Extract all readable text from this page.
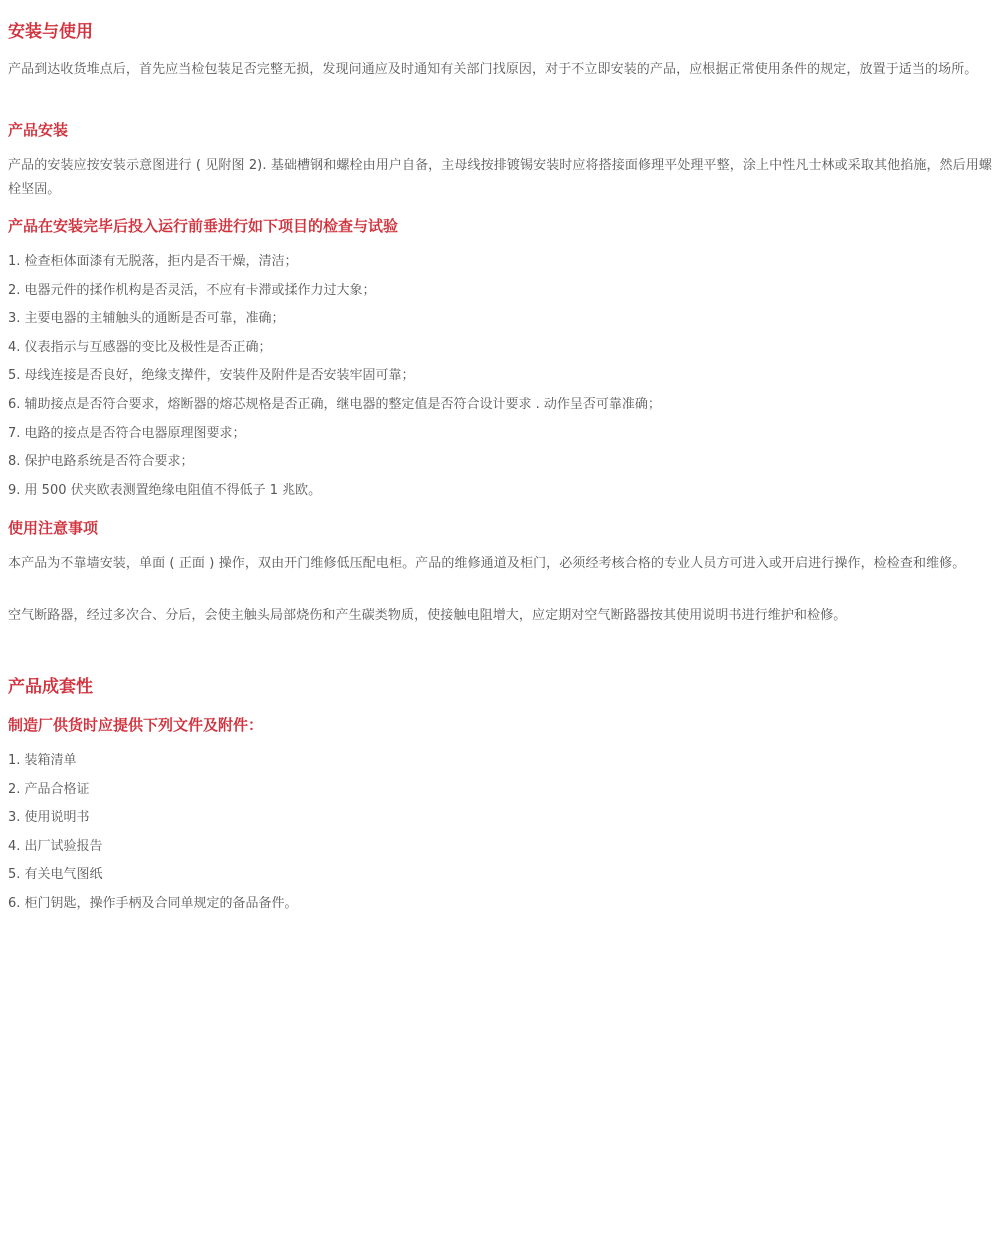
安装与使用

产品到达收货堆点后，首先应当检包装足否完整无损，发现问通应及时通知有关部门找原因，对于不立即安装的产品，应根据正常使用条件的规定，放置于适当的场所。

产品安装

产品的安装应按安装示意图进行 ( 见附图 2). 基础槽钢和螺栓由用户自备，主母线按排镀锡安装时应将搭接面修理平处理平整，涂上中性凡士林或采取其他掐施，然后用螺栓坚固。

产品在安装完毕后投入运行前垂进行如下项目的检查与试验
1. 检查柜体面漆有无脱落，拒内是否干燥，清洁；
2. 电器元件的揉作机构是否灵活，不应有卡滞或揉作力过大象；
3. 主要电器的主辅触头的通断是否可靠，准确；
4. 仪表指示与互感器的变比及极性是否正确；
5. 母线连接是否良好，绝缘支撵件，安装件及附件是否安装牢固可靠；
6. 辅助接点是否符合要求，熔断器的熔芯规格是否正确，继电器的整定值是否符合设计要求 . 动作呈否可靠准确；
7. 电路的接点是否符合电器原理图要求；
8. 保护电路系统是否符合要求；
9. 用 500 伏夹欧表测置绝缘电阻值不得低子 1 兆欧。
使用注意事项

本产品为不靠墙安装，单面 ( 正面 ) 操作，双由开门维修低压配电柜。产品的维修通道及柜门，必须经考核合格的专业人员方可进入或开启进行操作，检检查和维修。

空气断路器，经过多次合、分后，会使主触头局部烧伤和产生碳类物质，使接触电阻增大，应定期对空气断路器按其使用说明书进行维护和检修。

产品成套性
制造厂供货时应提供下列文件及附件：
1. 装箱清单
2. 产品合格证
3. 使用说明书
4. 出厂试验报告
5. 有关电气图纸
6. 柜门钥匙，操作手柄及合同单规定的备品备件。
